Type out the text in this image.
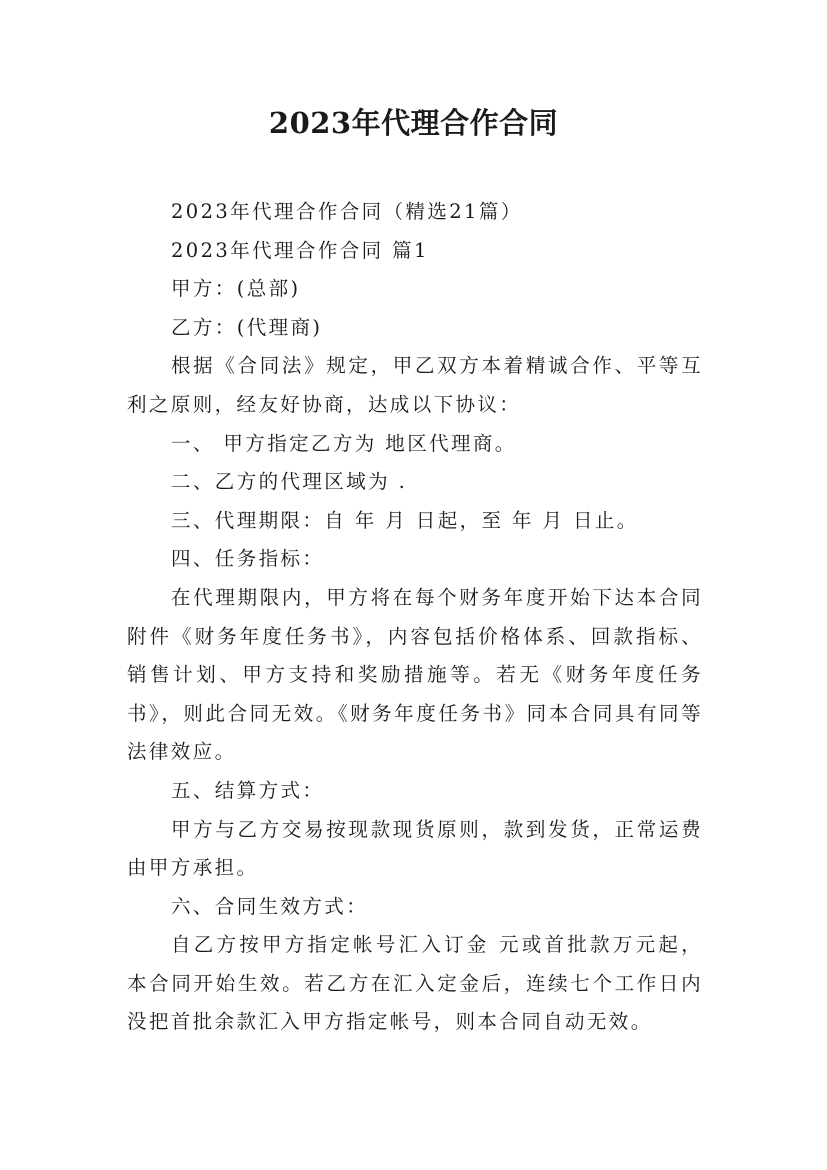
2023年代理合作合同

2023年代理合作合同（精选21篇）

2023年代理合作合同 篇1

甲方：(总部)

乙方：(代理商)

根据《合同法》规定，甲乙双方本着精诚合作、平等互利之原则，经友好协商，达成以下协议：

一、 甲方指定乙方为 地区代理商。

二、乙方的代理区域为 .

三、代理期限：自 年 月 日起，至 年 月 日止。

四、任务指标：

在代理期限内，甲方将在每个财务年度开始下达本合同附件《财务年度任务书》，内容包括价格体系、回款指标、销售计划、甲方支持和奖励措施等。若无《财务年度任务书》，则此合同无效。《财务年度任务书》同本合同具有同等法律效应。

五、结算方式：

甲方与乙方交易按现款现货原则，款到发货，正常运费由甲方承担。

六、合同生效方式：

自乙方按甲方指定帐号汇入订金 元或首批款万元起，本合同开始生效。若乙方在汇入定金后，连续七个工作日内没把首批余款汇入甲方指定帐号，则本合同自动无效。
